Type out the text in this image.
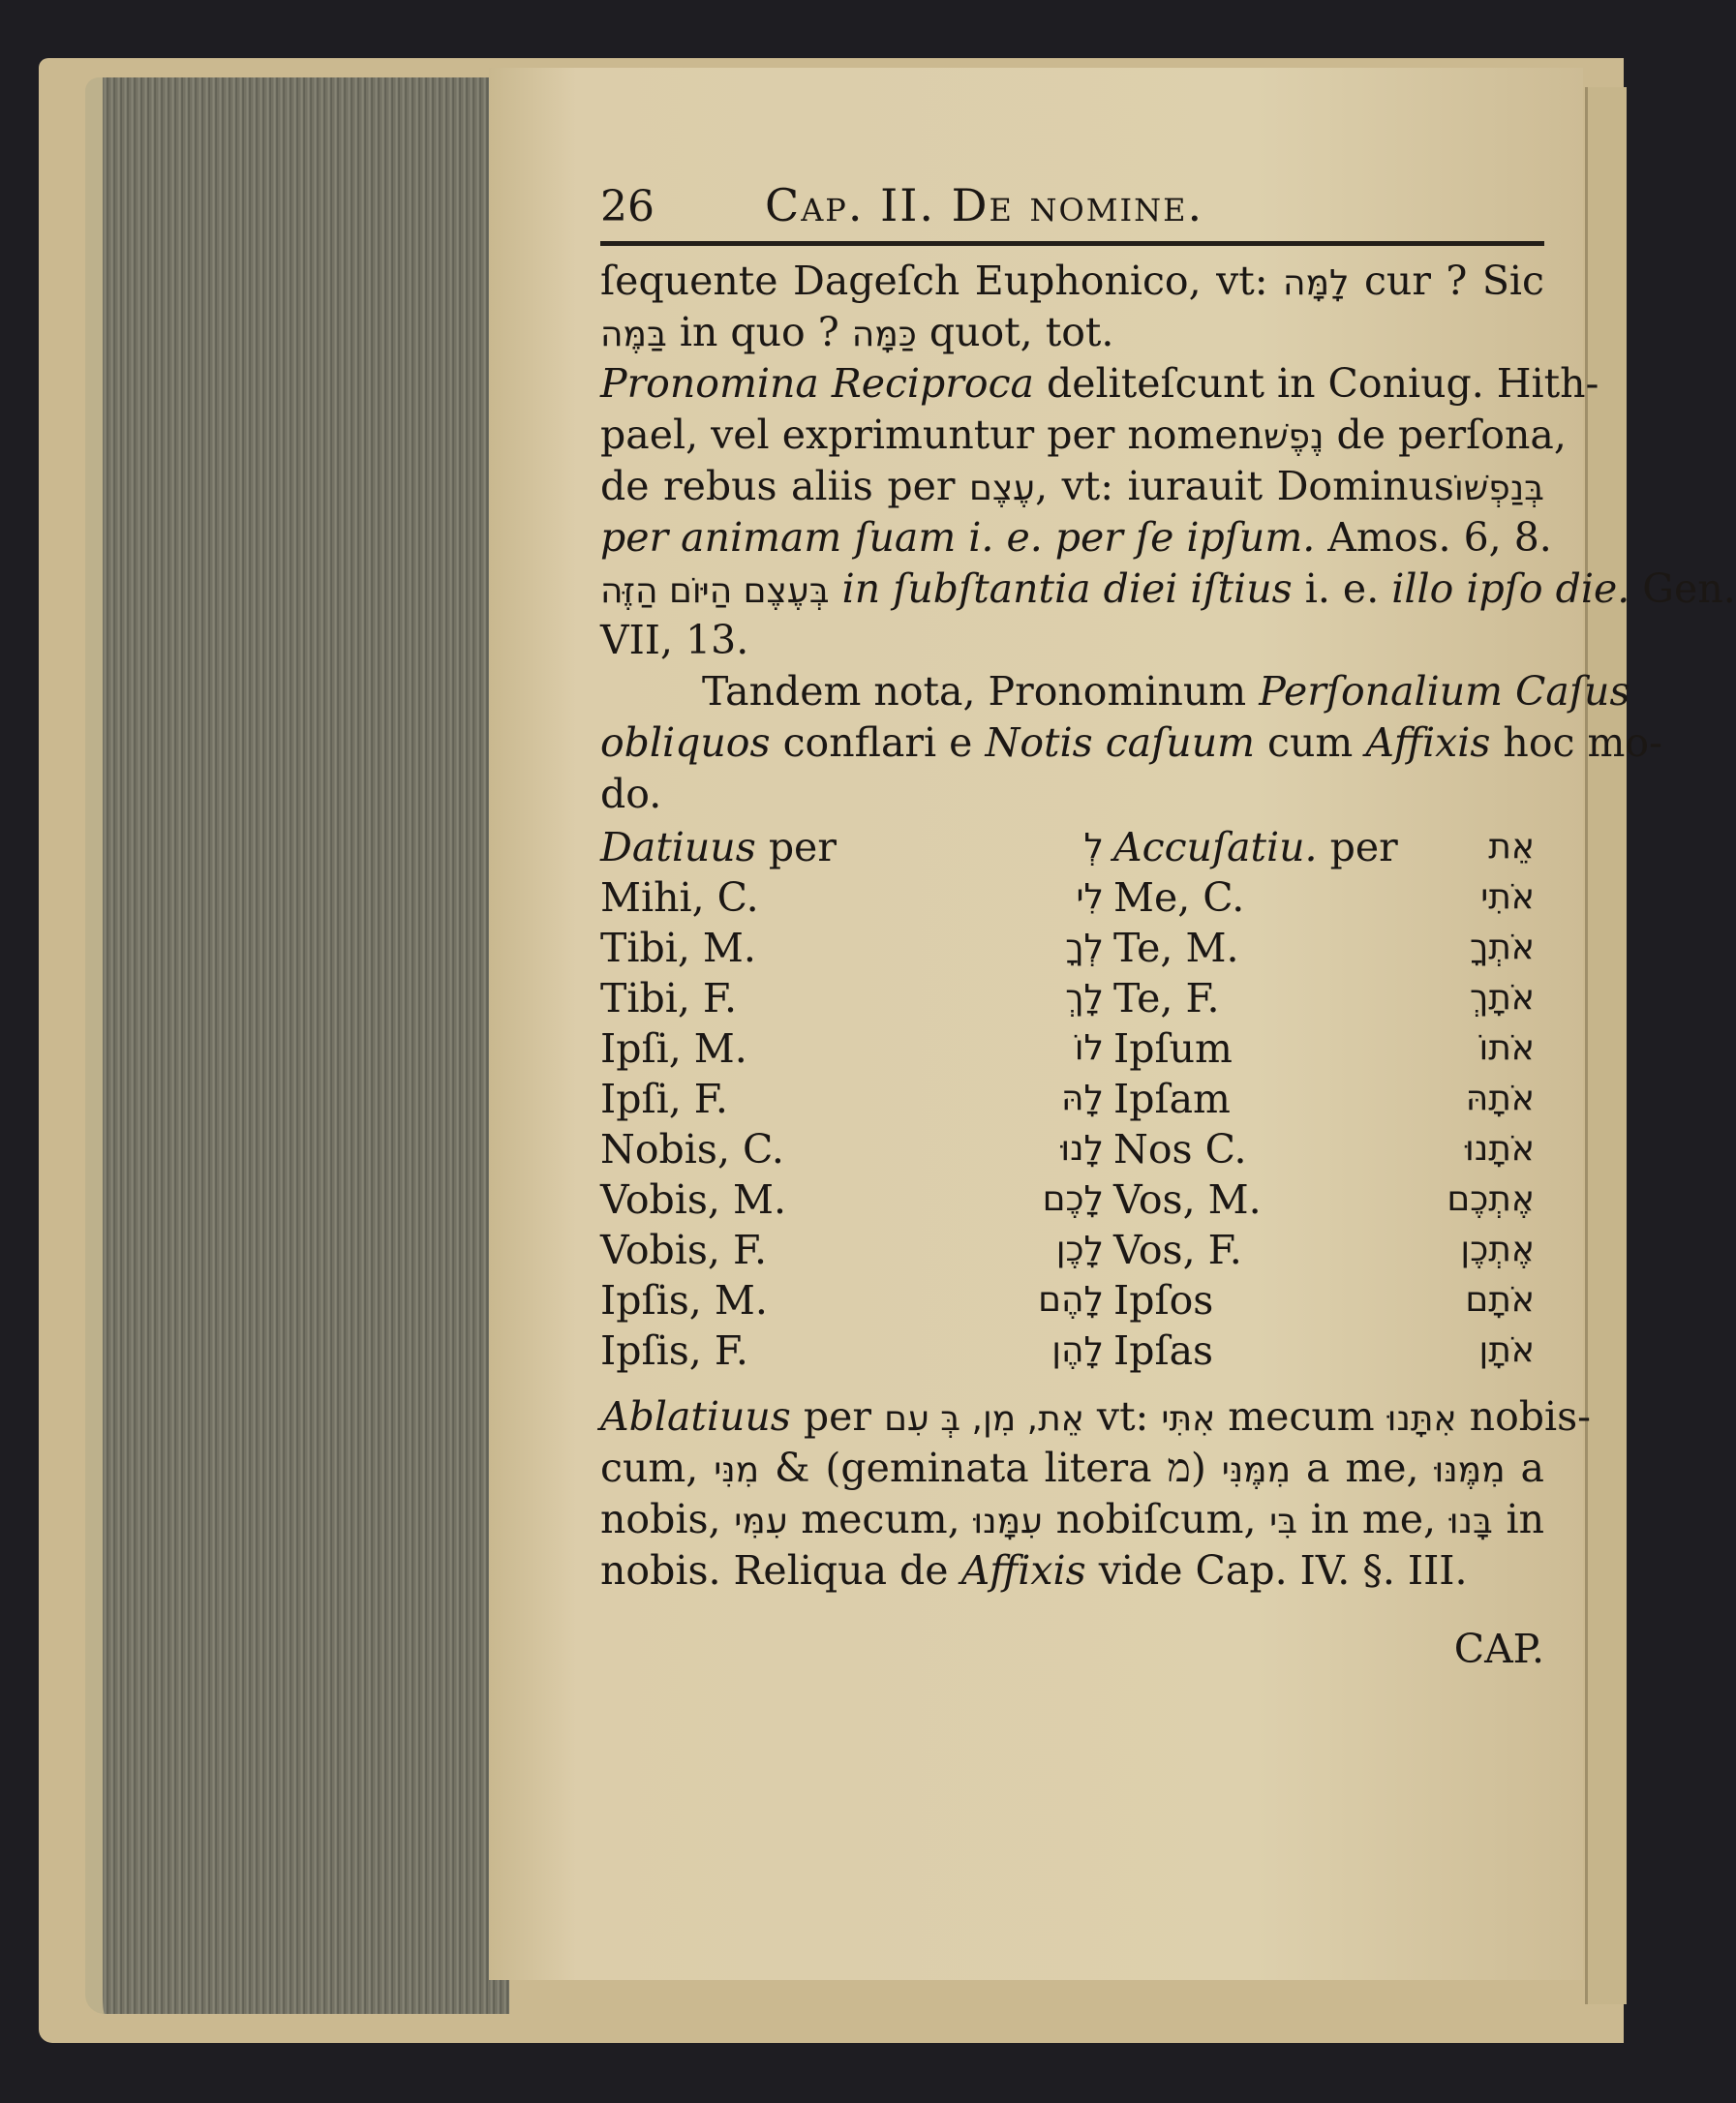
26	Cap. II. De nomine.
ſequente Dageſch Euphonico, vt: לָמָּה cur ? Sic
בַּמֶּה in quo ? כַּמָּה quot, tot.
Pronomina Reciproca deliteſcunt in Coniug. Hith-
pael, vel exprimuntur per nomenנֶפֶשׁ de perſona,
de rebus aliis per עֶצֶם, vt: iurauit Dominusבְּנַפְשׁוֹ
per animam ſuam i. e. per ſe ipſum. Amos. 6, 8.
בְּעֶצֶם הַיּוֹם הַזֶּה in ſubſtantia diei iſtius i. e. illo ipſo die. Gen.
VII, 13.
Tandem nota, Pronominum Perſonalium Caſus
obliquos conflari e Notis caſuum cum Affixis hoc mo-
do.
Datiuus per	לְ Accuſatiu. per	אֵת
Mihi, C.	לִי Me, C.	אֹתִי
Tibi, M.	לְךָ Te, M.	אֹתְךָ
Tibi, F.	לָךְ Te, F.	אֹתָךְ
Ipſi, M.	לוֹ Ipſum	אֹתוֹ
Ipſi, F.	לָהּ Ipſam	אֹתָהּ
Nobis, C.	לָנוּ Nos C.	אֹתָנוּ
Vobis, M.	לָכֶם Vos, M.	אֶתְכֶם
Vobis, F.	לָכֶן Vos, F.	אֶתְכֶן
Ipſis, M.	לָהֶם Ipſos	אֹתָם
Ipſis, F.	לָהֶן Ipſas	אֹתָן
Ablatiuus per אֵת, מִן, בְּ עִם vt: אִתִּי mecum אִתָּנוּ nobis-
cum, מִנִּי & (geminata litera מ) מִמֶּנִּי a me, מִמֶּנּוּ a
nobis, עִמִּי mecum, עִמָּנוּ nobiſcum, בִּי in me, בָּנוּ in
nobis. Reliqua de Affixis vide Cap. IV. §. III.
CAP.
